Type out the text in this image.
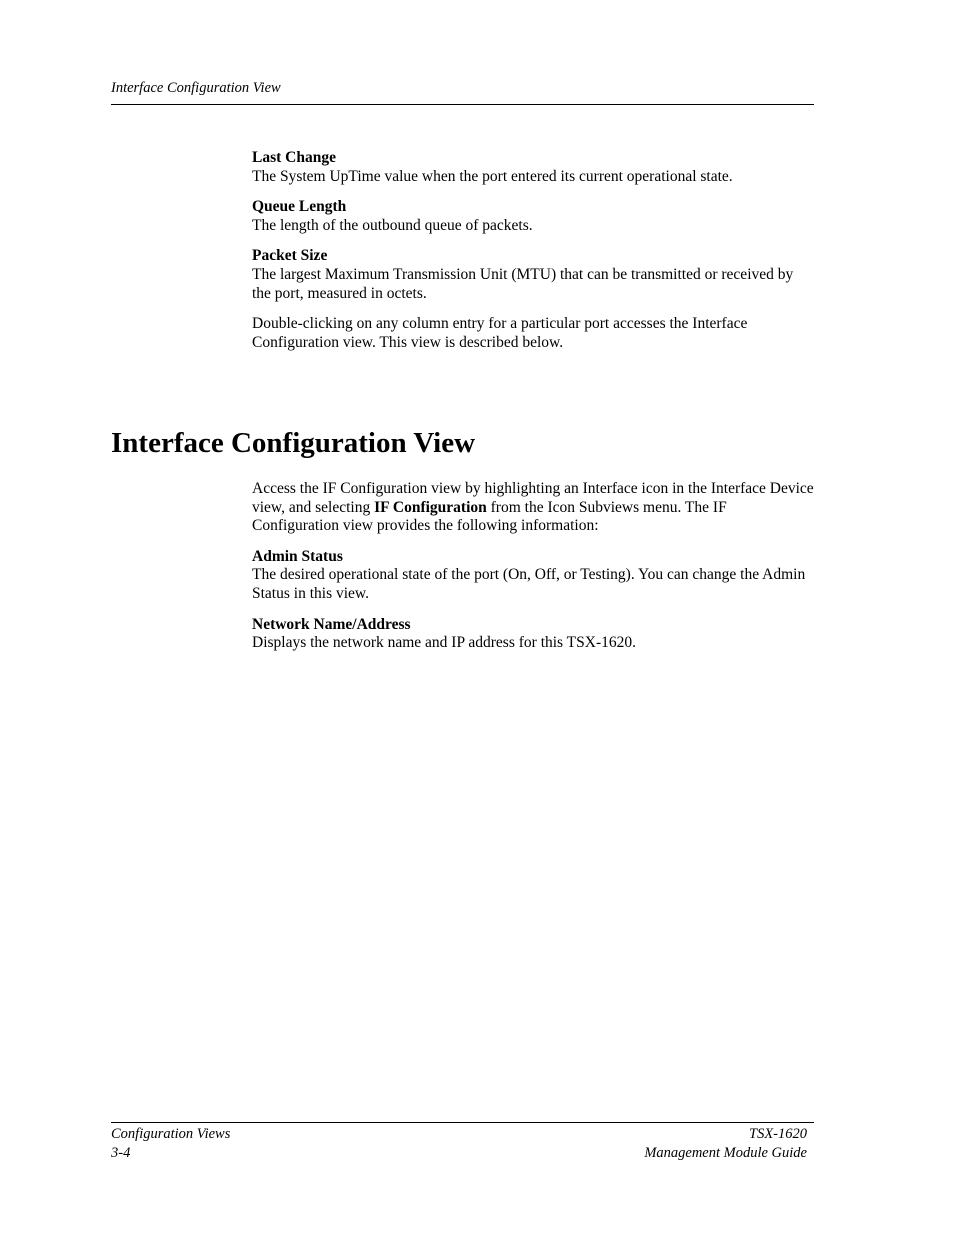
Interface Configuration View
Last Change
The System UpTime value when the port entered its current operational state.
Queue Length
The length of the outbound queue of packets.
Packet Size
The largest Maximum Transmission Unit (MTU) that can be transmitted or received by the port, measured in octets.

Double-clicking on any column entry for a particular port accesses the Interface Configuration view. This view is described below.

Interface Configuration View

Access the IF Configuration view by highlighting an Interface icon in the Interface Device view, and selecting IF Configuration from the Icon Subviews menu. The IF Configuration view provides the following information:

Admin Status
The desired operational state of the port (On, Off, or Testing). You can change the Admin Status in this view.
Network Name/Address
Displays the network name and IP address for this TSX-1620.
Configuration Views
3-4
TSX-1620
Management Module Guide
